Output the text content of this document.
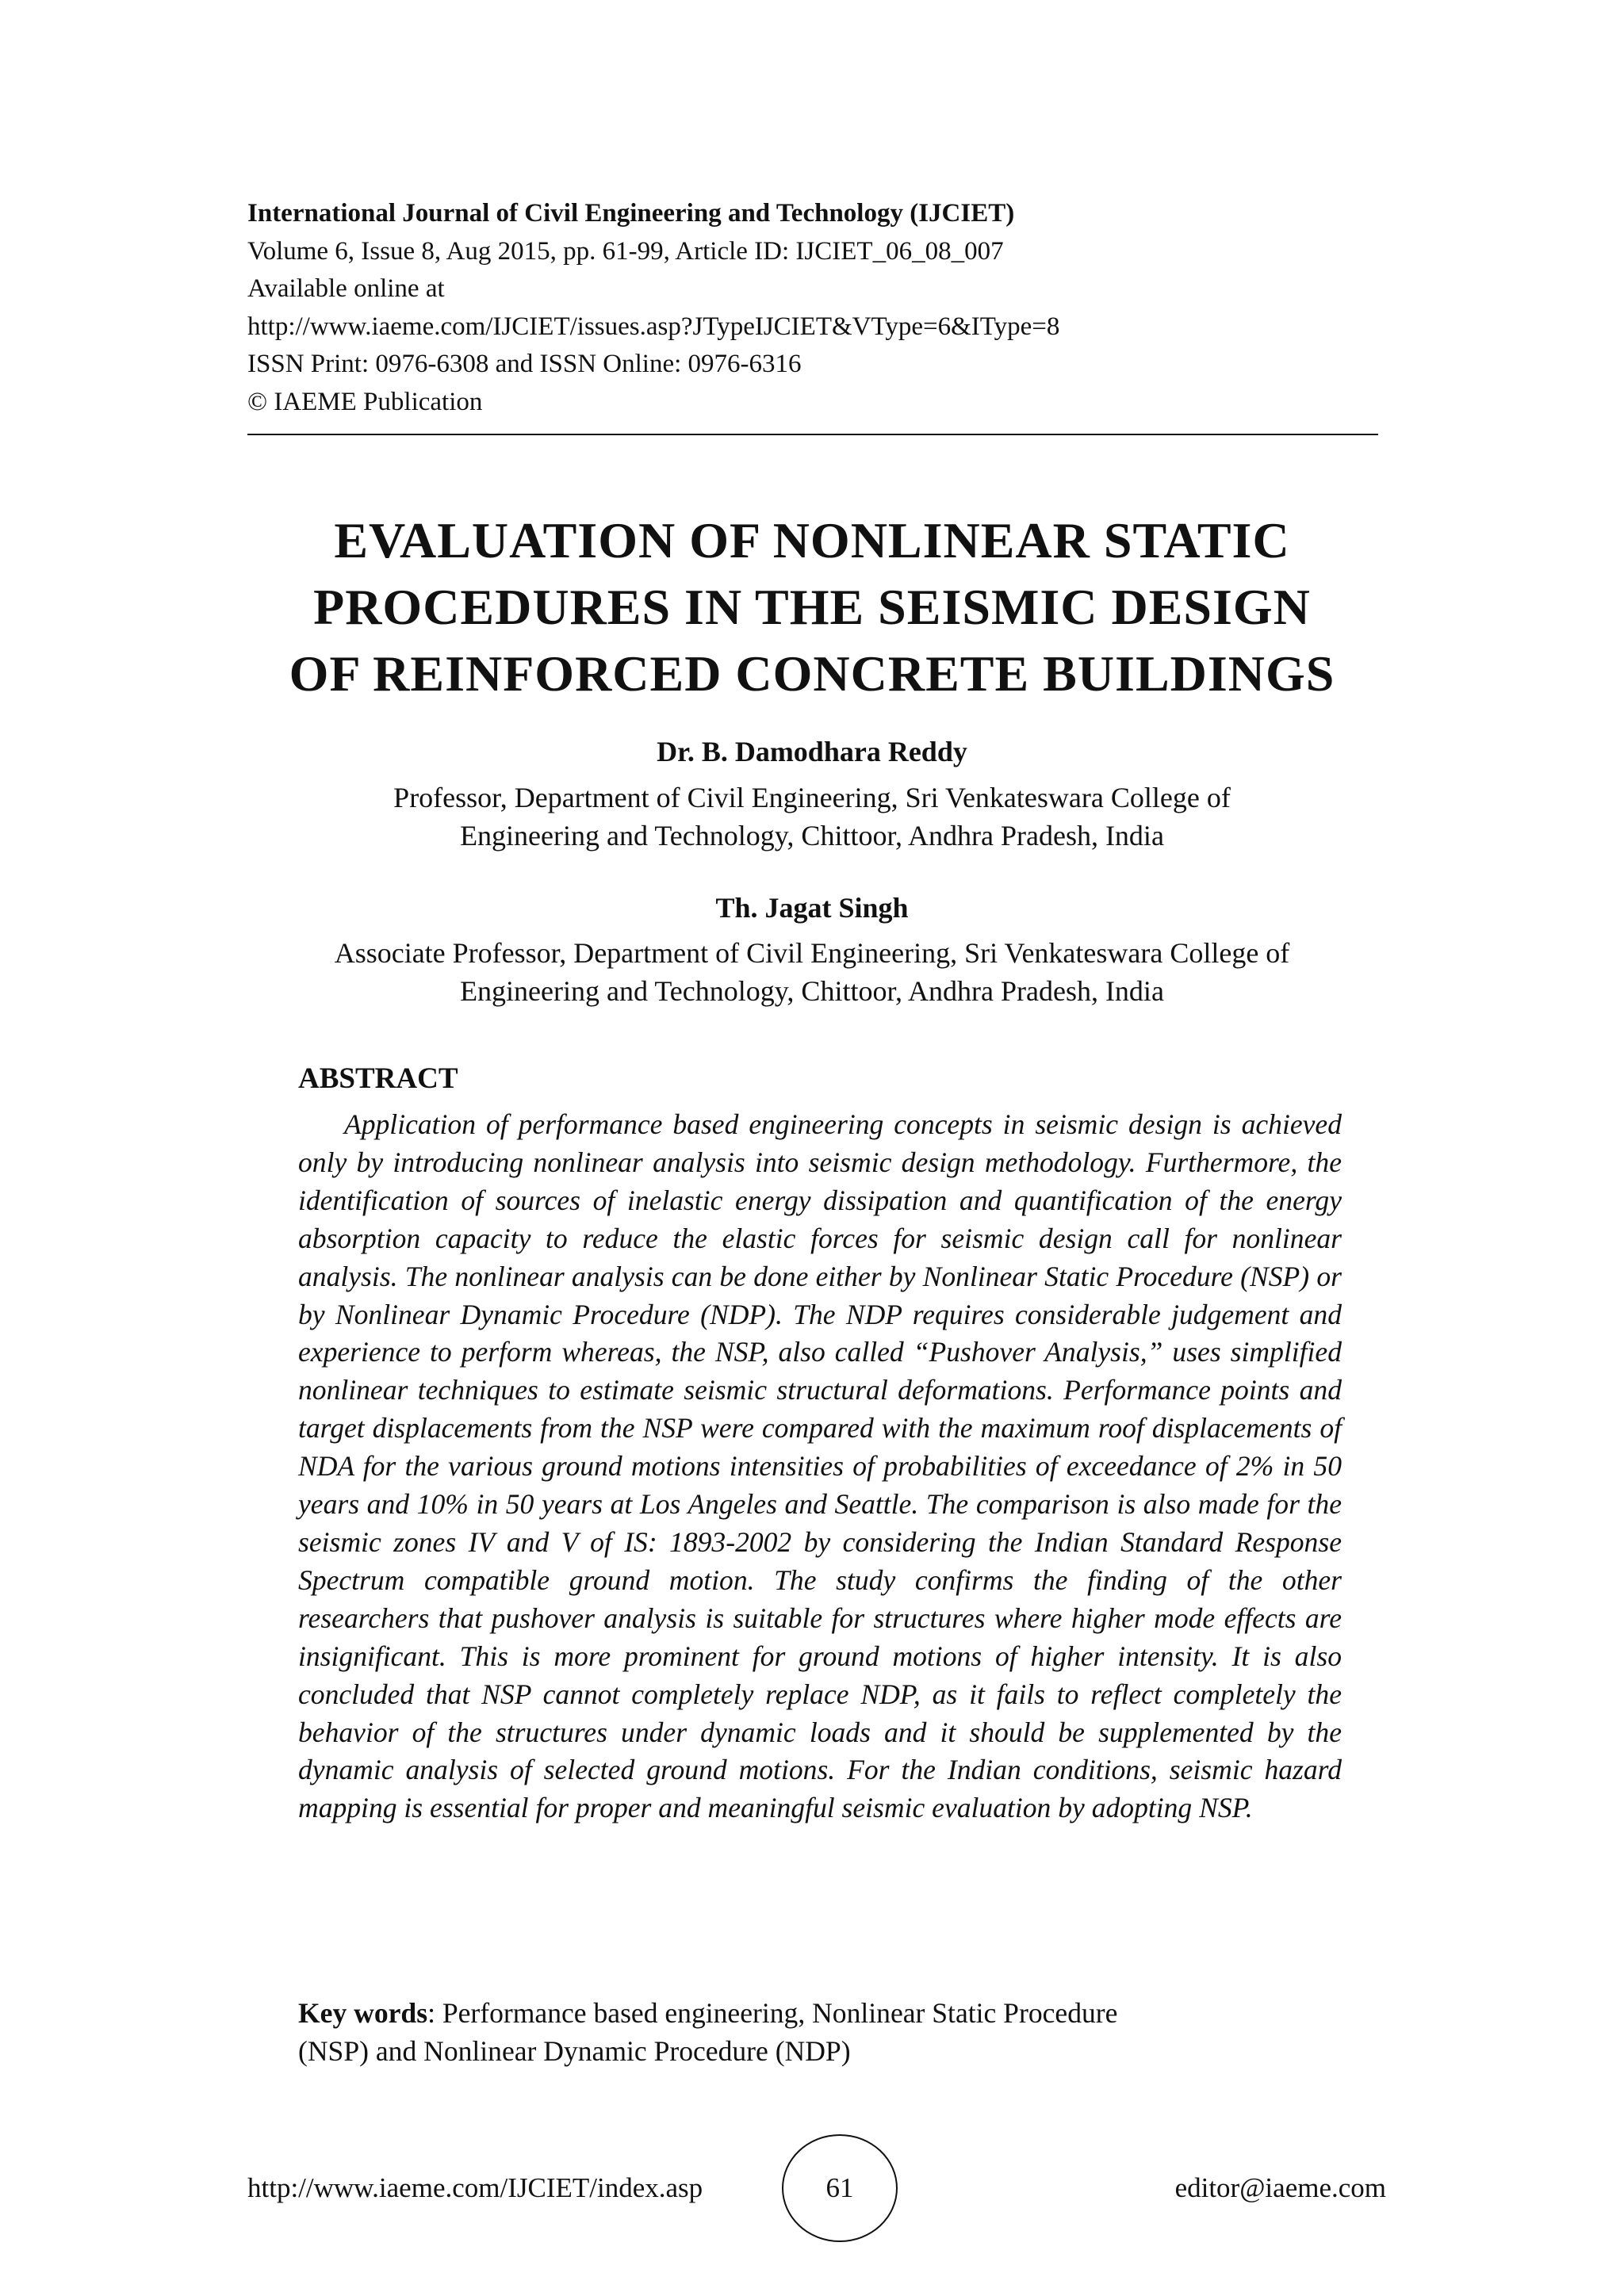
International Journal of Civil Engineering and Technology (IJCIET)
Volume 6, Issue 8, Aug 2015, pp. 61-99, Article ID: IJCIET_06_08_007
Available online at
http://www.iaeme.com/IJCIET/issues.asp?JTypeIJCIET&VType=6&IType=8
ISSN Print: 0976-6308 and ISSN Online: 0976-6316
© IAEME Publication
EVALUATION OF NONLINEAR STATIC
PROCEDURES IN THE SEISMIC DESIGN
OF REINFORCED CONCRETE BUILDINGS
Dr. B. Damodhara Reddy
Professor, Department of Civil Engineering, Sri Venkateswara College of
Engineering and Technology, Chittoor, Andhra Pradesh, India
Th. Jagat Singh
Associate Professor, Department of Civil Engineering, Sri Venkateswara College of
Engineering and Technology, Chittoor, Andhra Pradesh, India
ABSTRACT

Application of performance based engineering concepts in seismic design is achieved only by introducing nonlinear analysis into seismic design methodology. Furthermore, the identification of sources of inelastic energy dissipation and quantification of the energy absorption capacity to reduce the elastic forces for seismic design call for nonlinear analysis. The nonlinear analysis can be done either by Nonlinear Static Procedure (NSP) or by Nonlinear Dynamic Procedure (NDP). The NDP requires considerable judgement and experience to perform whereas, the NSP, also called “Pushover Analysis,” uses simplified nonlinear techniques to estimate seismic structural deformations. Performance points and target displacements from the NSP were compared with the maximum roof displacements of NDA for the various ground motions intensities of probabilities of exceedance of 2% in 50 years and 10% in 50 years at Los Angeles and Seattle. The comparison is also made for the seismic zones IV and V of IS: 1893-2002 by considering the Indian Standard Response Spectrum compatible ground motion. The study confirms the finding of the other researchers that pushover analysis is suitable for structures where higher mode effects are insignificant. This is more prominent for ground motions of higher intensity. It is also concluded that NSP cannot completely replace NDP, as it fails to reflect completely the behavior of the structures under dynamic loads and it should be supplemented by the dynamic analysis of selected ground motions. For the Indian conditions, seismic hazard mapping is essential for proper and meaningful seismic evaluation by adopting NSP.

Key words: Performance based engineering, Nonlinear Static Procedure
(NSP) and Nonlinear Dynamic Procedure (NDP)
http://www.iaeme.com/IJCIET/index.asp	61	editor@iaeme.com
